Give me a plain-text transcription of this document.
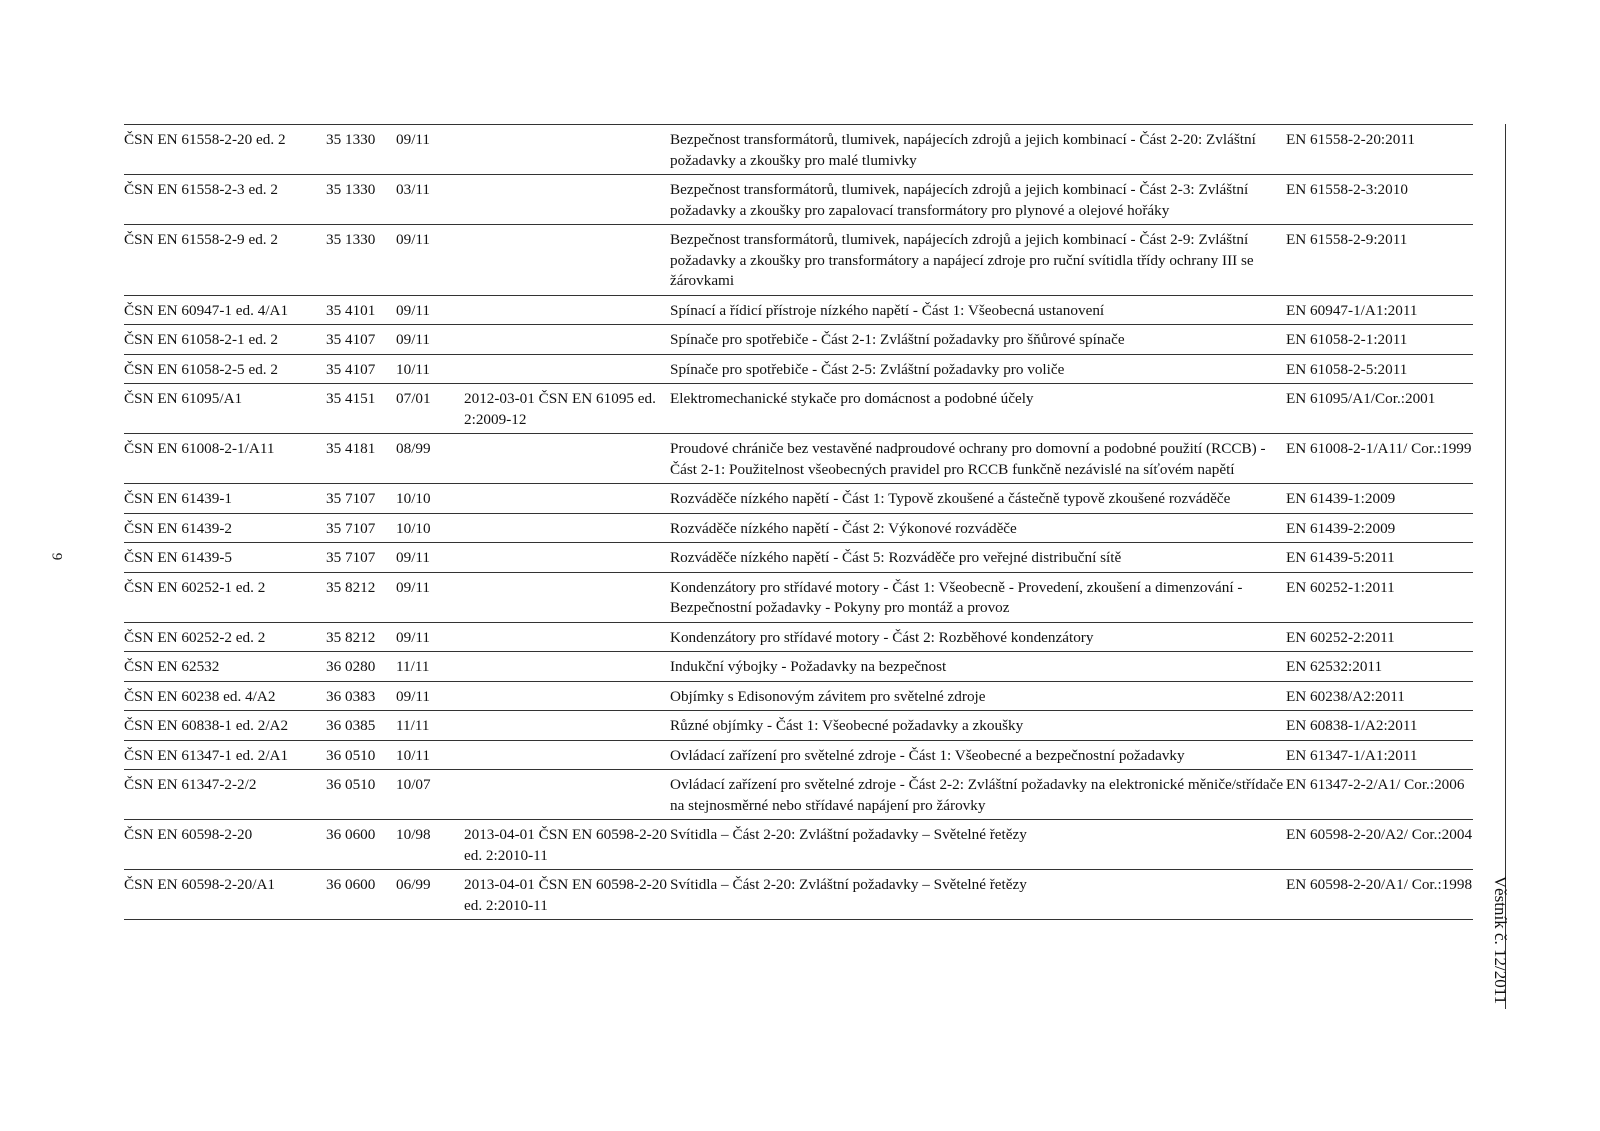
9
Věstník č. 12/2011
ČSN EN 61558-2-20 ed. 2	35 1330	09/11		Bezpečnost transformátorů, tlumivek, napájecích zdrojů a jejich kombinací - Část 2-20: Zvláštní požadavky a zkoušky pro malé tlumivky	EN 61558-2-20:2011
ČSN EN 61558-2-3 ed. 2	35 1330	03/11		Bezpečnost transformátorů, tlumivek, napájecích zdrojů a jejich kombinací - Část 2-3: Zvláštní požadavky a zkoušky pro zapalovací transformátory pro plynové a olejové hořáky	EN 61558-2-3:2010
ČSN EN 61558-2-9 ed. 2	35 1330	09/11		Bezpečnost transformátorů, tlumivek, napájecích zdrojů a jejich kombinací - Část 2-9: Zvláštní požadavky a zkoušky pro transformátory a napájecí zdroje pro ruční svítidla třídy ochrany III se žárovkami	EN 61558-2-9:2011
ČSN EN 60947-1 ed. 4/A1	35 4101	09/11		Spínací a řídicí přístroje nízkého napětí - Část 1: Všeobecná ustanovení	EN 60947-1/A1:2011
ČSN EN 61058-2-1 ed. 2	35 4107	09/11		Spínače pro spotřebiče - Část 2-1: Zvláštní požadavky pro šňůrové spínače	EN 61058-2-1:2011
ČSN EN 61058-2-5 ed. 2	35 4107	10/11		Spínače pro spotřebiče - Část 2-5: Zvláštní požadavky pro voliče	EN 61058-2-5:2011
ČSN EN 61095/A1	35 4151	07/01	2012-03-01 ČSN EN 61095 ed. 2:2009-12	Elektromechanické stykače pro domácnost a podobné účely	EN 61095/A1/Cor.:2001
ČSN EN 61008-2-1/A11	35 4181	08/99		Proudové chrániče bez vestavěné nadproudové ochrany pro domovní a podobné použití (RCCB) - Část 2-1: Použitelnost všeobecných pravidel pro RCCB funkčně nezávislé na síťovém napětí	EN 61008-2-1/A11/ Cor.:1999
ČSN EN 61439-1	35 7107	10/10		Rozváděče nízkého napětí - Část 1: Typově zkoušené a částečně typově zkoušené rozváděče	EN 61439-1:2009
ČSN EN 61439-2	35 7107	10/10		Rozváděče nízkého napětí - Část 2: Výkonové rozváděče	EN 61439-2:2009
ČSN EN 61439-5	35 7107	09/11		Rozváděče nízkého napětí - Část 5: Rozváděče pro veřejné distribuční sítě	EN 61439-5:2011
ČSN EN 60252-1 ed. 2	35 8212	09/11		Kondenzátory pro střídavé motory - Část 1: Všeobecně - Provedení, zkoušení a dimenzování - Bezpečnostní požadavky - Pokyny pro montáž a provoz	EN 60252-1:2011
ČSN EN 60252-2 ed. 2	35 8212	09/11		Kondenzátory pro střídavé motory - Část 2: Rozběhové kondenzátory	EN 60252-2:2011
ČSN EN 62532	36 0280	11/11		Indukční výbojky - Požadavky na bezpečnost	EN 62532:2011
ČSN EN 60238 ed. 4/A2	36 0383	09/11		Objímky s Edisonovým závitem pro světelné zdroje	EN 60238/A2:2011
ČSN EN 60838-1 ed. 2/A2	36 0385	11/11		Různé objímky - Část 1: Všeobecné požadavky a zkoušky	EN 60838-1/A2:2011
ČSN EN 61347-1 ed. 2/A1	36 0510	10/11		Ovládací zařízení pro světelné zdroje - Část 1: Všeobecné a bezpečnostní požadavky	EN 61347-1/A1:2011
ČSN EN 61347-2-2/2	36 0510	10/07		Ovládací zařízení pro světelné zdroje - Část 2-2: Zvláštní požadavky na elektronické měniče/střídače na stejnosměrné nebo střídavé napájení pro žárovky	EN 61347-2-2/A1/ Cor.:2006
ČSN EN 60598-2-20	36 0600	10/98	2013-04-01 ČSN EN 60598-2-20 ed. 2:2010-11	Svítidla – Část 2-20: Zvláštní požadavky – Světelné řetězy	EN 60598-2-20/A2/ Cor.:2004
ČSN EN 60598-2-20/A1	36 0600	06/99	2013-04-01 ČSN EN 60598-2-20 ed. 2:2010-11	Svítidla – Část 2-20: Zvláštní požadavky – Světelné řetězy	EN 60598-2-20/A1/ Cor.:1998
